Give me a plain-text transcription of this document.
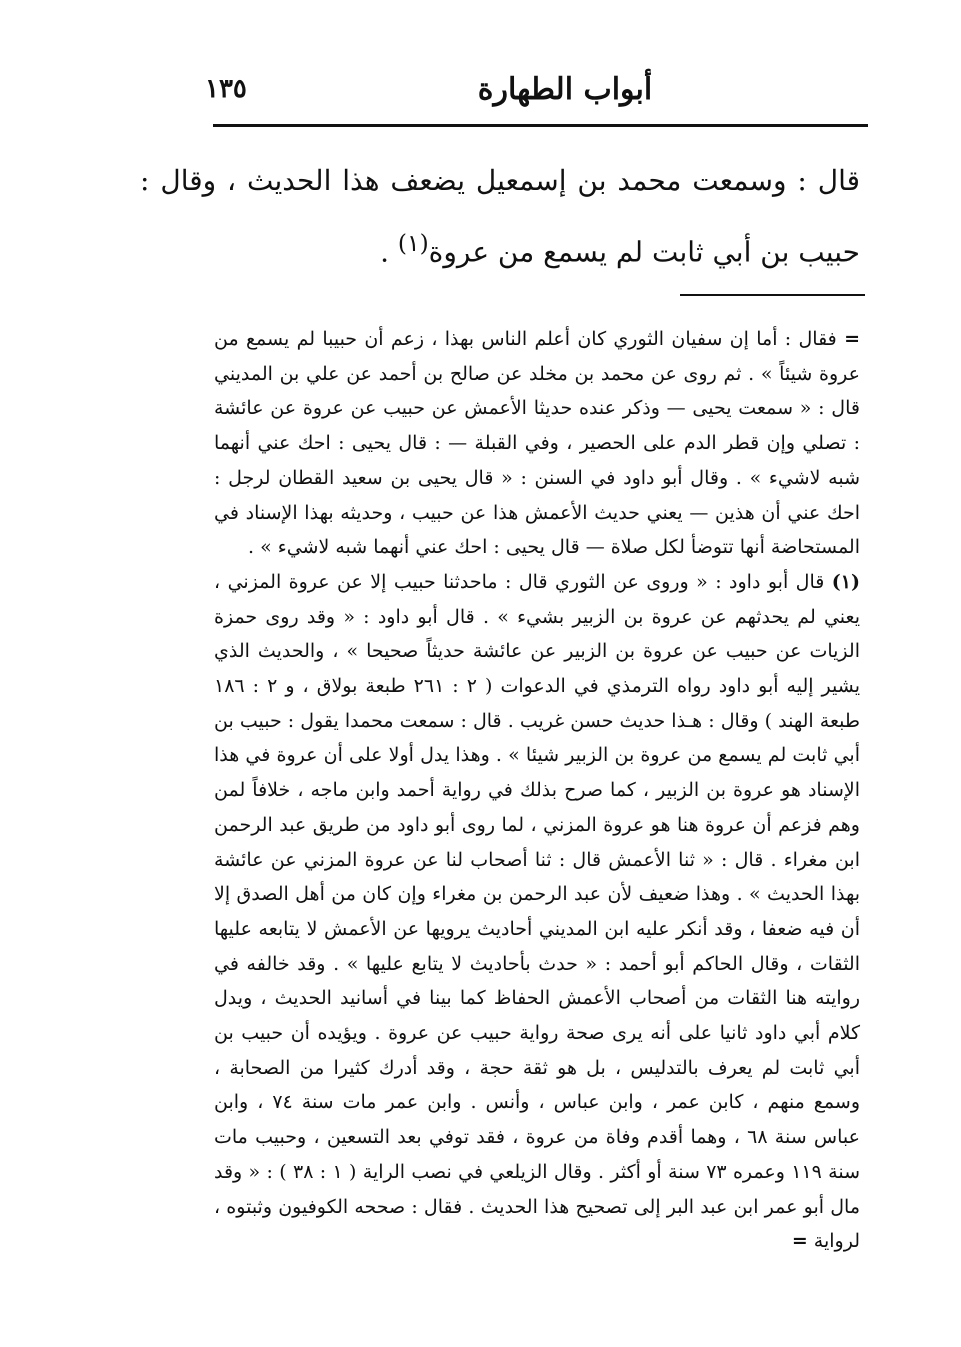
١٣٥	أبواب الطهارة

قال : وسمعت محمد بن إسمعيل يضعف هذا الحديث ، وقال : حبيب بن أبي ثابت لم يسمع من عروة$^{(١)}$ .

= فقال : أما إن سفيان الثوري كان أعلم الناس بهذا ، زعم أن حبيبا لم يسمع من عروة شيئاً » . ثم روى عن محمد بن مخلد عن صالح بن أحمد عن علي بن المديني قال : « سمعت يحيى — وذكر عنده حديثا الأعمش عن حبيب عن عروة عن عائشة : تصلي وإن قطر الدم على الحصير ، وفي القبلة — : قال يحيى : احك عني أنهما شبه لاشيء » . وقال أبو داود في السنن : « قال يحيى بن سعيد القطان لرجل : احك عني أن هذين — يعني حديث الأعمش هذا عن حبيب ، وحديثه بهذا الإسناد في المستحاضة أنها تتوضأ لكل صلاة — قال يحيى : احك عني أنهما شبه لاشيء » .

(١) قال أبو داود : « وروى عن الثوري قال : ماحدثنا حبيب إلا عن عروة المزني ، يعني لم يحدثهم عن عروة بن الزبير بشيء » . قال أبو داود : « وقد روى حمزة الزيات عن حبيب عن عروة بن الزبير عن عائشة حديثاً صحيحا » ، والحديث الذي يشير إليه أبو داود رواه الترمذي في الدعوات ( ٢ : ٢٦١ طبعة بولاق ، و ٢ : ١٨٦ طبعة الهند ) وقال : هـذا حديث حسن غريب . قال : سمعت محمدا يقول : حبيب بن أبي ثابت لم يسمع من عروة بن الزبير شيئا » . وهذا يدل أولا على أن عروة في هذا الإسناد هو عروة بن الزبير ، كما صرح بذلك في رواية أحمد وابن ماجه ، خلافاً لمن وهم فزعم أن عروة هنا هو عروة المزني ، لما روى أبو داود من طريق عبد الرحمن ابن مغراء . قال : « ثنا الأعمش قال : ثنا أصحاب لنا عن عروة المزني عن عائشة بهذا الحديث » . وهذا ضعيف لأن عبد الرحمن بن مغراء وإن كان من أهل الصدق إلا أن فيه ضعفا ، وقد أنكر عليه ابن المديني أحاديث يرويها عن الأعمش لا يتابعه عليها الثقات ، وقال الحاكم أبو أحمد : « حدث بأحاديث لا يتابع عليها » . وقد خالفه في روايته هنا الثقات من أصحاب الأعمش الحفاظ كما بينا في أسانيد الحديث ، ويدل كلام أبي داود ثانيا على أنه يرى صحة رواية حبيب عن عروة . ويؤيده أن حبيب بن أبي ثابت لم يعرف بالتدليس ، بل هو ثقة حجة ، وقد أدرك كثيرا من الصحابة ، وسمع منهم ، كابن عمر ، وابن عباس ، وأنس . وابن عمر مات سنة ٧٤ ، وابن عباس سنة ٦٨ ، وهما أقدم وفاة من عروة ، فقد توفي بعد التسعين ، وحبيب مات سنة ١١٩ وعمره ٧٣ سنة أو أكثر . وقال الزيلعي في نصب الراية ( ١ : ٣٨ ) : « وقد مال أبو عمر ابن عبد البر إلى تصحيح هذا الحديث . فقال : صححه الكوفيون وثبتوه ، لرواية =
